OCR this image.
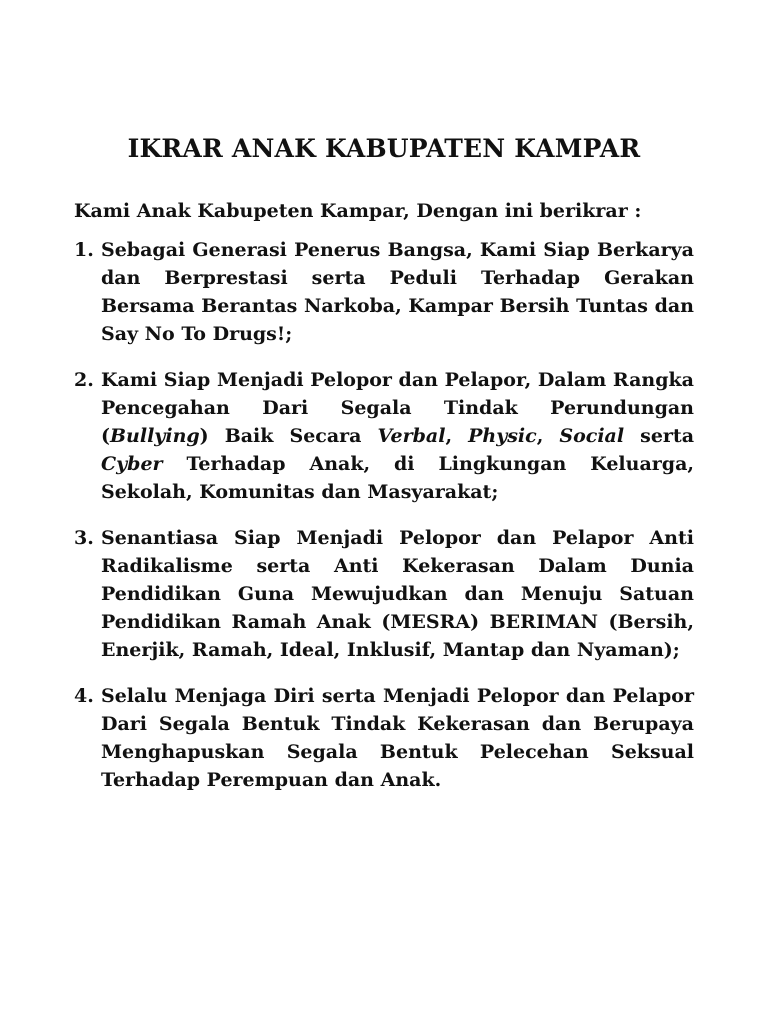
IKRAR ANAK KABUPATEN KAMPAR

Kami Anak Kabupeten Kampar, Dengan ini berikrar :

1. Sebagai Generasi Penerus Bangsa, Kami Siap Berkarya dan Berprestasi serta Peduli Terhadap Gerakan Bersama Berantas Narkoba, Kampar Bersih Tuntas dan Say No To Drugs!;
2. Kami Siap Menjadi Pelopor dan Pelapor, Dalam Rangka Pencegahan Dari Segala Tindak Perundungan (Bullying) Baik Secara Verbal, Physic, Social serta Cyber Terhadap Anak, di Lingkungan Keluarga, Sekolah, Komunitas dan Masyarakat;
3. Senantiasa Siap Menjadi Pelopor dan Pelapor Anti Radikalisme serta Anti Kekerasan Dalam Dunia Pendidikan Guna Mewujudkan dan Menuju Satuan Pendidikan Ramah Anak (MESRA) BERIMAN (Bersih, Enerjik, Ramah, Ideal, Inklusif, Mantap dan Nyaman);
4. Selalu Menjaga Diri serta Menjadi Pelopor dan Pelapor Dari Segala Bentuk Tindak Kekerasan dan Berupaya Menghapuskan Segala Bentuk Pelecehan Seksual Terhadap Perempuan dan Anak.
